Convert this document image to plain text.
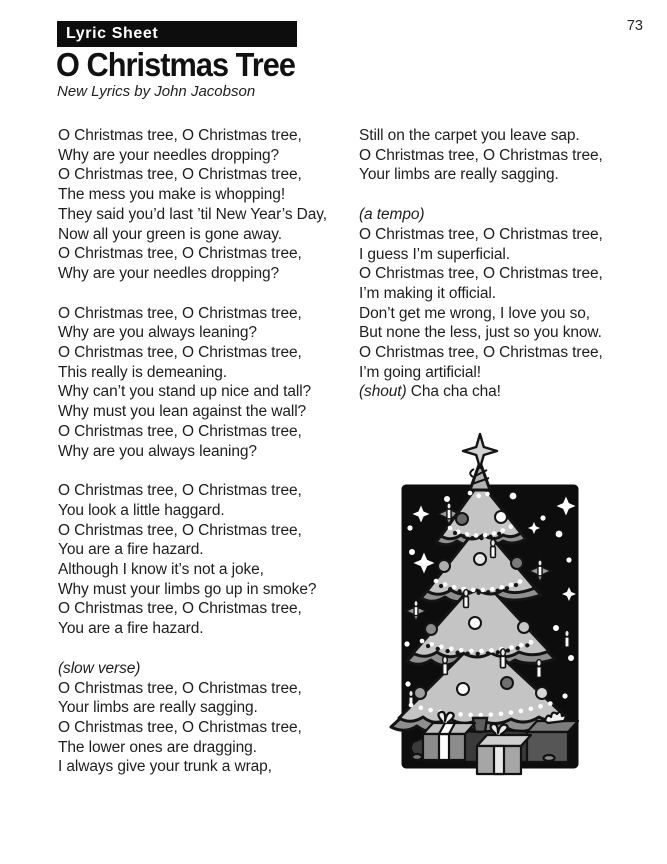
Lyric Sheet	73
O Christmas Tree
New Lyrics by John Jacobson
O Christmas tree, O Christmas tree,
Why are your needles dropping?
O Christmas tree, O Christmas tree,
The mess you make is whopping!
They said you’d last ’til New Year’s Day,
Now all your green is gone away.
O Christmas tree, O Christmas tree,
Why are your needles dropping?
O Christmas tree, O Christmas tree,
Why are you always leaning?
O Christmas tree, O Christmas tree,
This really is demeaning.
Why can’t you stand up nice and tall?
Why must you lean against the wall?
O Christmas tree, O Christmas tree,
Why are you always leaning?
O Christmas tree, O Christmas tree,
You look a little haggard.
O Christmas tree, O Christmas tree,
You are a fire hazard.
Although I know it’s not a joke,
Why must your limbs go up in smoke?
O Christmas tree, O Christmas tree,
You are a fire hazard.
(slow verse)
O Christmas tree, O Christmas tree,
Your limbs are really sagging.
O Christmas tree, O Christmas tree,
The lower ones are dragging.
I always give your trunk a wrap,
Still on the carpet you leave sap.
O Christmas tree, O Christmas tree,
Your limbs are really sagging.
(a tempo)
O Christmas tree, O Christmas tree,
I guess I’m superficial.
O Christmas tree, O Christmas tree,
I’m making it official.
Don’t get me wrong, I love you so,
But none the less, just so you know.
O Christmas tree, O Christmas tree,
I’m going artificial!
(shout) Cha cha cha!
